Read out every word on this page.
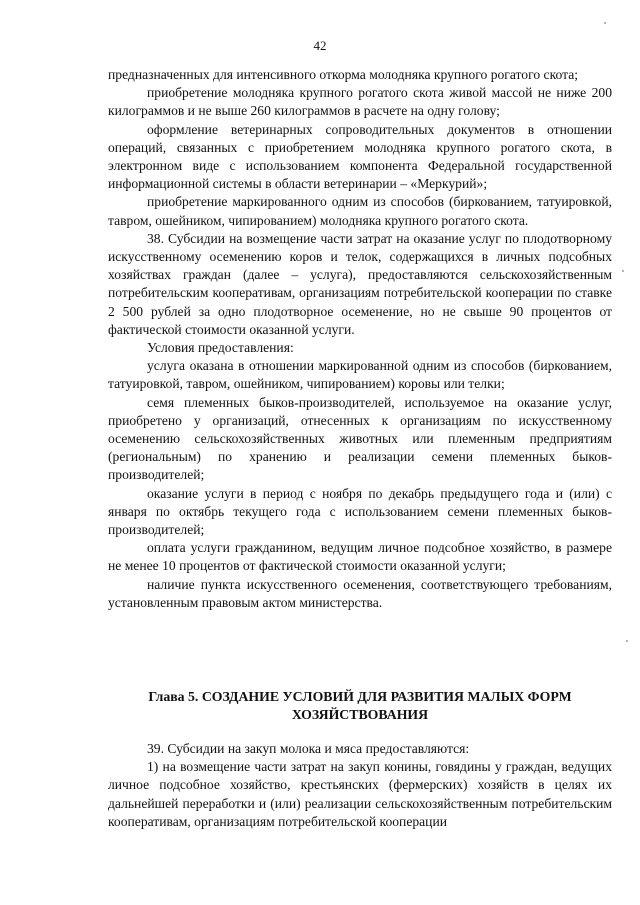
42

предназначенных для интенсивного откорма молодняка крупного рогатого скота;

приобретение молодняка крупного рогатого скота живой массой не ниже 200 килограммов и не выше 260 килограммов в расчете на одну голову;

оформление ветеринарных сопроводительных документов в отношении операций, связанных с приобретением молодняка крупного рогатого скота, в электронном виде с использованием компонента Федеральной государственной информационной системы в области ветеринарии – «Меркурий»;

приобретение маркированного одним из способов (биркованием, татуировкой, тавром, ошейником, чипированием) молодняка крупного рогатого скота.

38. Субсидии на возмещение части затрат на оказание услуг по плодотворному искусственному осеменению коров и телок, содержащихся в личных подсобных хозяйствах граждан (далее – услуга), предоставляются сельскохозяйственным потребительским кооперативам, организациям потребительской кооперации по ставке 2 500 рублей за одно плодотворное осеменение, но не свыше 90 процентов от фактической стоимости оказанной услуги.

Условия предоставления:

услуга оказана в отношении маркированной одним из способов (биркованием, татуировкой, тавром, ошейником, чипированием) коровы или телки;

семя племенных быков-производителей, используемое на оказание услуг, приобретено у организаций, отнесенных к организациям по искусственному осеменению сельскохозяйственных животных или племенным предприятиям (региональным) по хранению и реализации семени племенных быков-производителей;

оказание услуги в период с ноября по декабрь предыдущего года и (или) с января по октябрь текущего года с использованием семени племенных быков-производителей;

оплата услуги гражданином, ведущим личное подсобное хозяйство, в размере не менее 10 процентов от фактической стоимости оказанной услуги;

наличие пункта искусственного осеменения, соответствующего требованиям, установленным правовым актом министерства.

Глава 5. СОЗДАНИЕ УСЛОВИЙ ДЛЯ РАЗВИТИЯ МАЛЫХ ФОРМ ХОЗЯЙСТВОВАНИЯ

39. Субсидии на закуп молока и мяса предоставляются:

1) на возмещение части затрат на закуп конины, говядины у граждан, ведущих личное подсобное хозяйство, крестьянских (фермерских) хозяйств в целях их дальнейшей переработки и (или) реализации сельскохозяйственным потребительским кооперативам, организациям потребительской кооперации
